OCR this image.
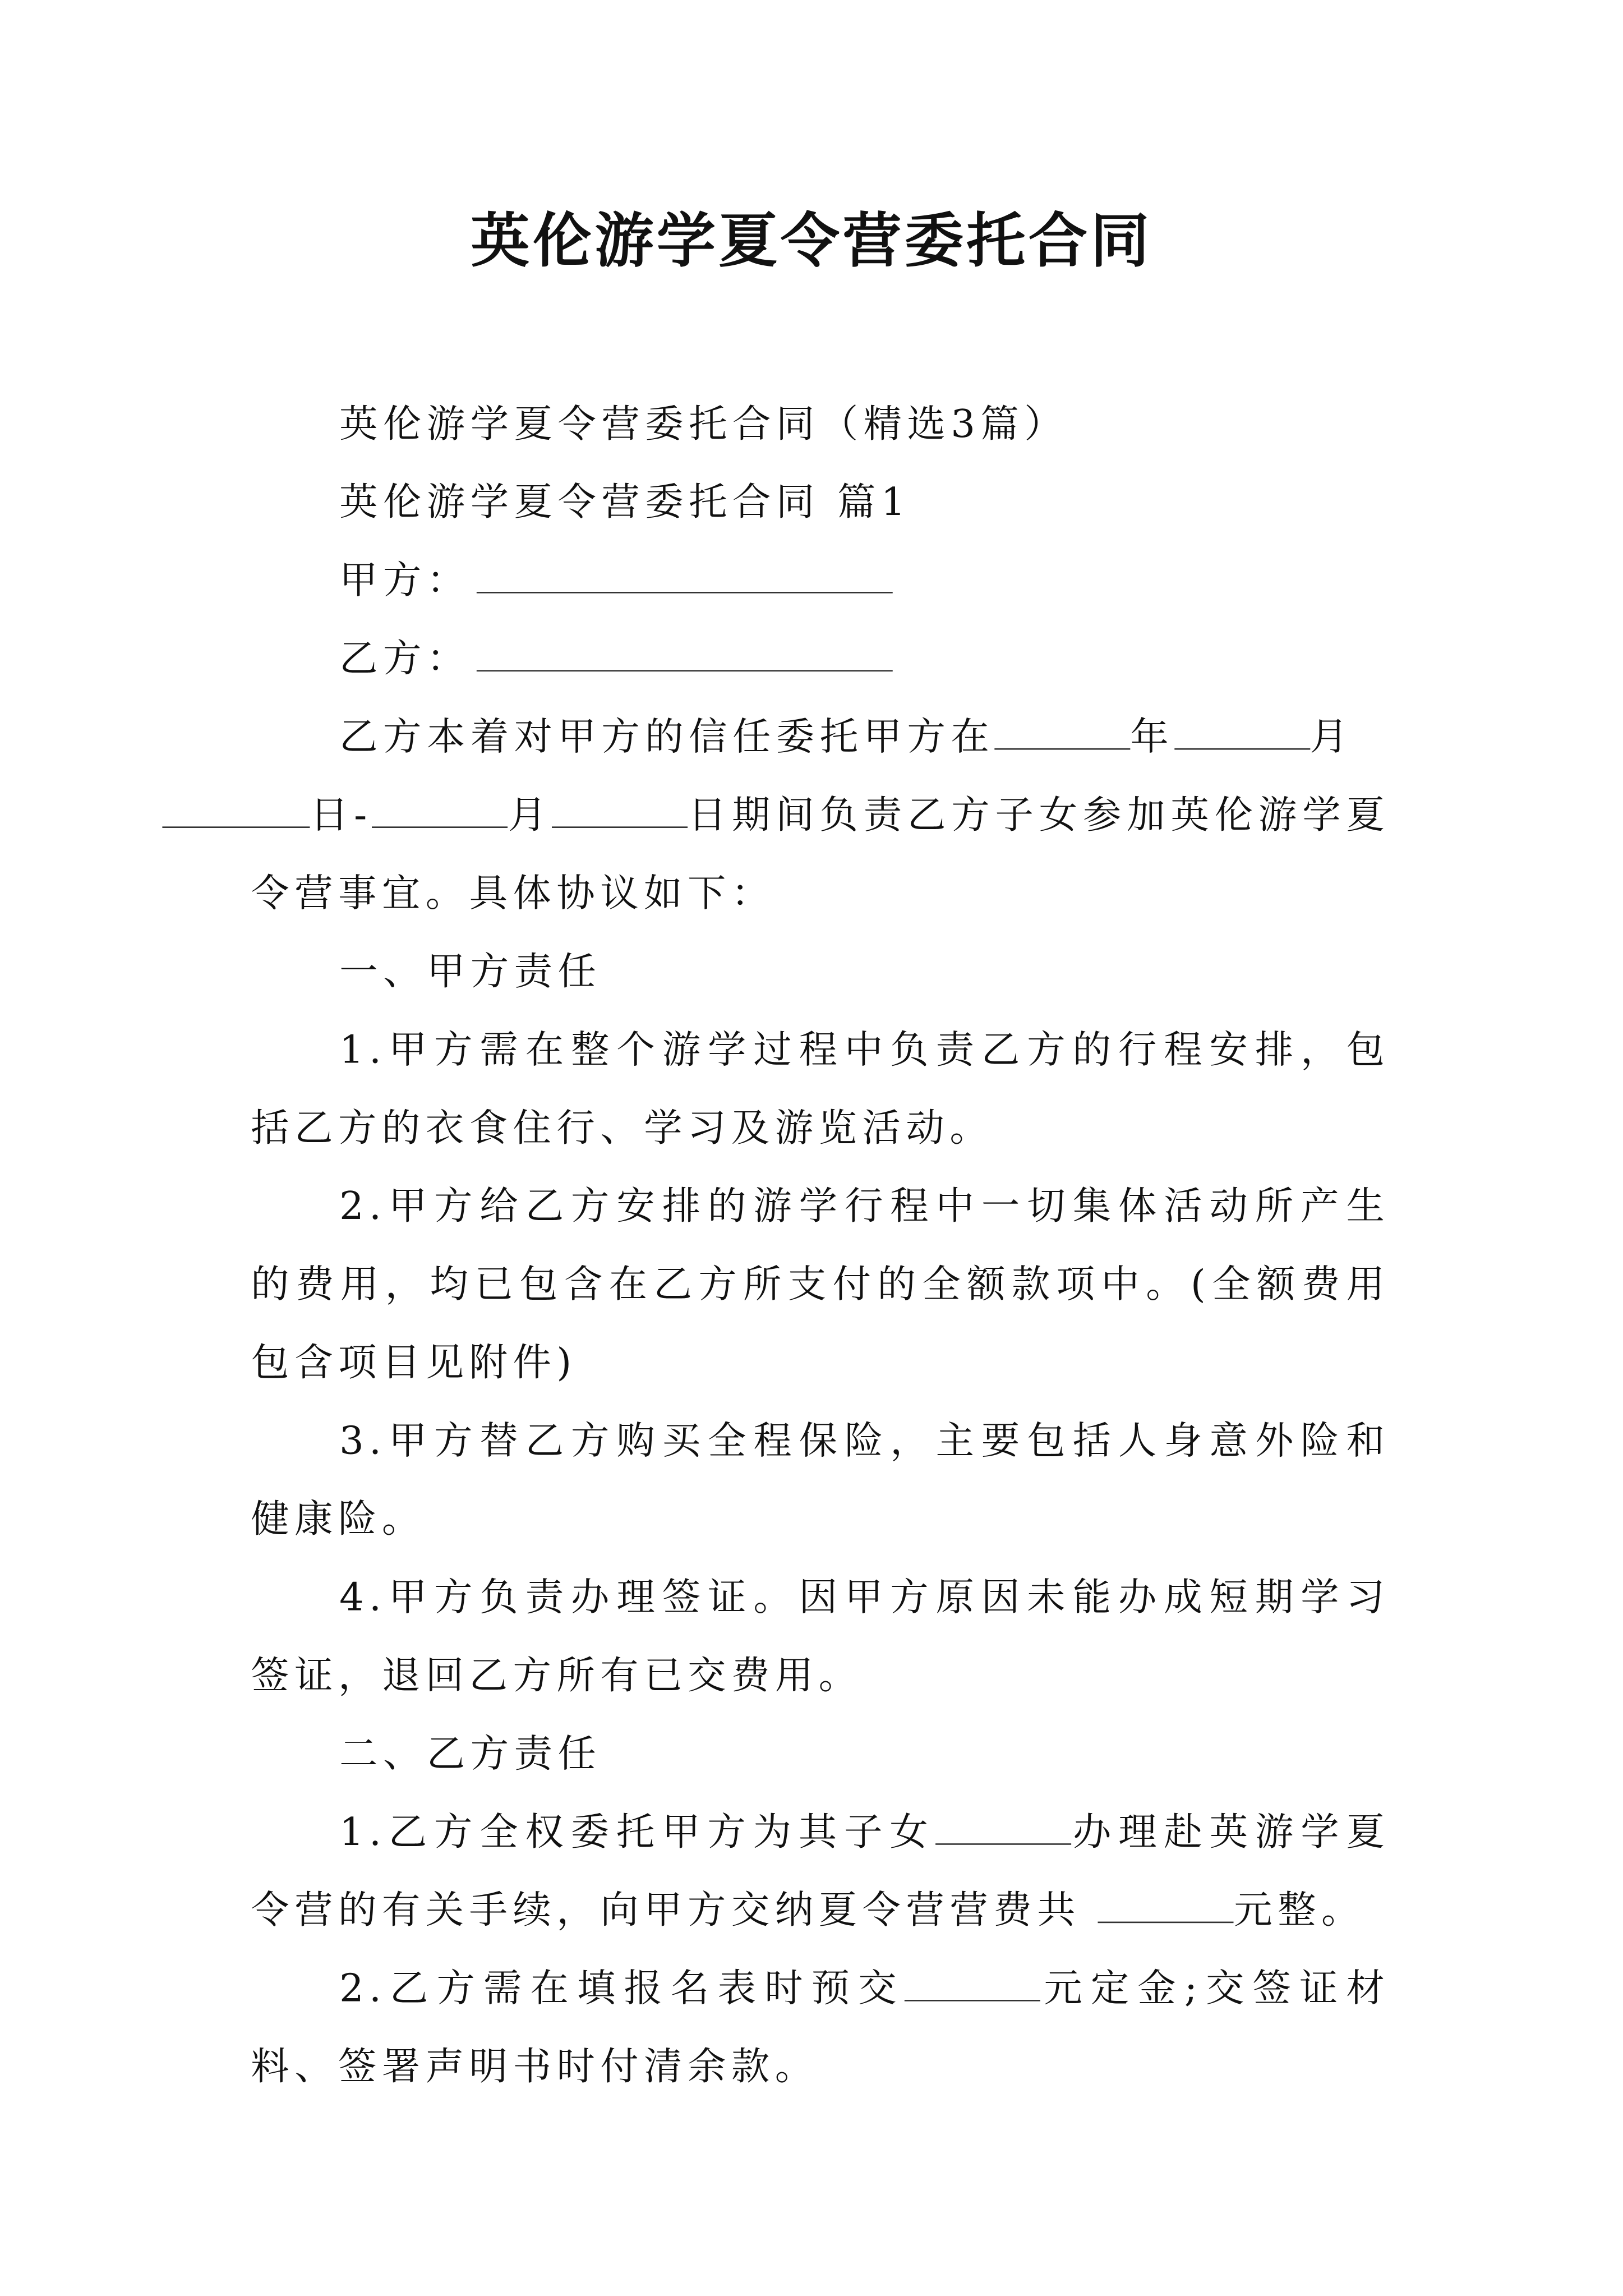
英伦游学夏令营委托合同

英伦游学夏令营委托合同（精选3篇）

英伦游学夏令营委托合同 篇1

甲方：

乙方：

乙方本着对甲方的信任委托甲方在	年	月
日-	月	日期间负责乙方子女参加英伦游学夏令营事宜。具体协议如下：

一、甲方责任

1.甲方需在整个游学过程中负责乙方的行程安排，包括乙方的衣食住行、学习及游览活动。

2.甲方给乙方安排的游学行程中一切集体活动所产生的费用，均已包含在乙方所支付的全额款项中。(全额费用包含项目见附件)

3.甲方替乙方购买全程保险，主要包括人身意外险和健康险。

4.甲方负责办理签证。因甲方原因未能办成短期学习签证，退回乙方所有已交费用。

二、乙方责任

1.乙方全权委托甲方为其子女	办理赴英游学夏令营的有关手续，向甲方交纳夏令营营费共	元整。

2.乙方需在填报名表时预交	元定金;交签证材料、签署声明书时付清余款。
